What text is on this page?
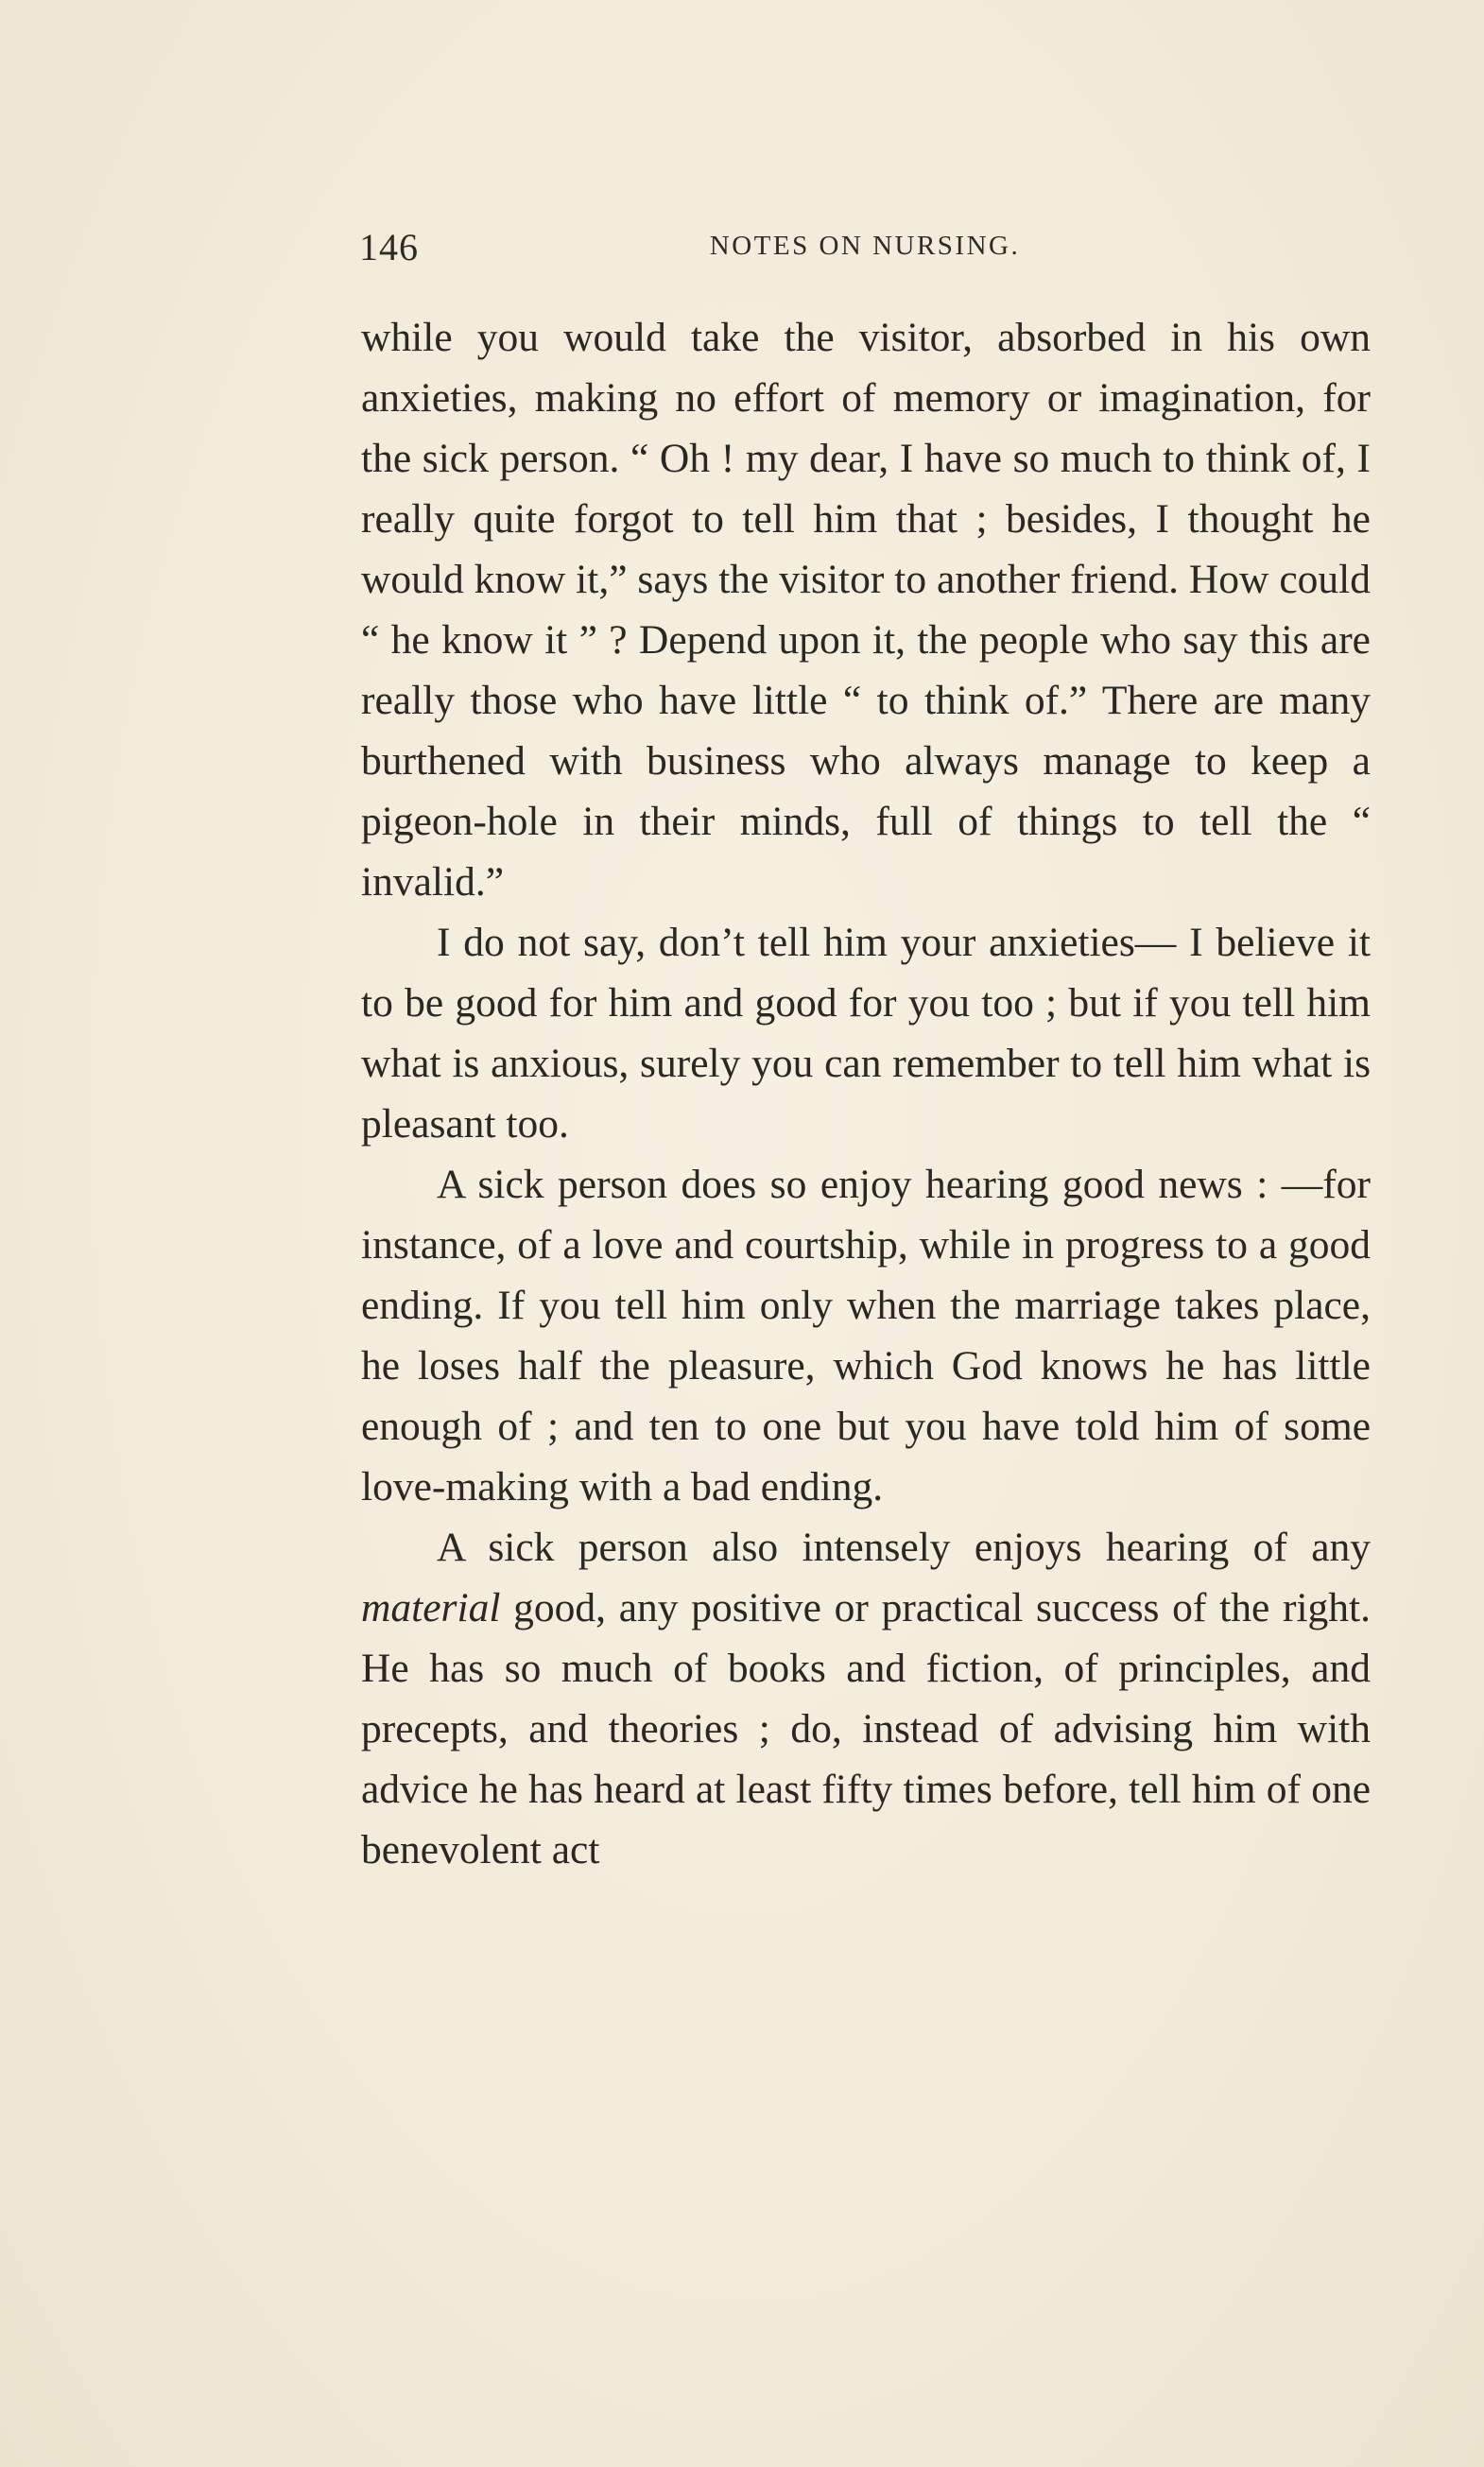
146	NOTES ON NURSING.

while you would take the visitor, absorbed in his own anxieties, making no effort of memory or imagination, for the sick person. “ Oh ! my dear, I have so much to think of, I really quite forgot to tell him that ; besides, I thought he would know it,” says the visitor to another friend. How could “ he know it ” ? Depend upon it, the people who say this are really those who have little “ to think of.” There are many burthened with business who always manage to keep a pigeon-hole in their minds, full of things to tell the “ invalid.”

I do not say, don’t tell him your anxieties— I believe it to be good for him and good for you too ; but if you tell him what is anxious, surely you can remember to tell him what is pleasant too.

A sick person does so enjoy hearing good news : —for instance, of a love and courtship, while in progress to a good ending. If you tell him only when the marriage takes place, he loses half the pleasure, which God knows he has little enough of ; and ten to one but you have told him of some love-making with a bad ending.

A sick person also intensely enjoys hearing of any material good, any positive or practical success of the right. He has so much of books and fiction, of principles, and precepts, and theories ; do, instead of advising him with advice he has heard at least fifty times before, tell him of one benevolent act
